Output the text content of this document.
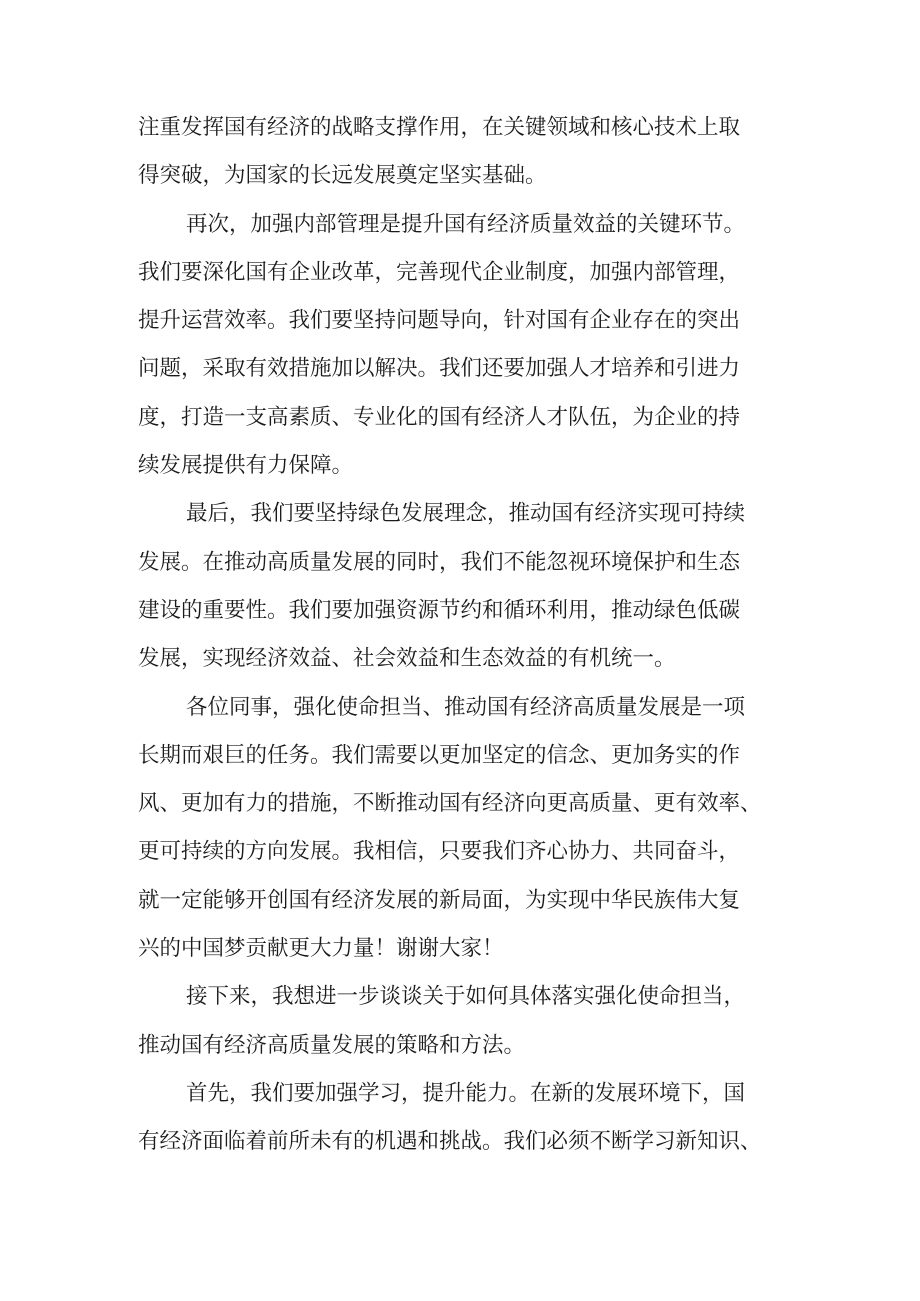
注重发挥国有经济的战略支撑作用，在关键领域和核心技术上取
得突破，为国家的长远发展奠定坚实基础。
再次，加强内部管理是提升国有经济质量效益的关键环节。
我们要深化国有企业改革，完善现代企业制度，加强内部管理，
提升运营效率。我们要坚持问题导向，针对国有企业存在的突出
问题，采取有效措施加以解决。我们还要加强人才培养和引进力
度，打造一支高素质、专业化的国有经济人才队伍，为企业的持
续发展提供有力保障。
最后，我们要坚持绿色发展理念，推动国有经济实现可持续
发展。在推动高质量发展的同时，我们不能忽视环境保护和生态
建设的重要性。我们要加强资源节约和循环利用，推动绿色低碳
发展，实现经济效益、社会效益和生态效益的有机统一。
各位同事，强化使命担当、推动国有经济高质量发展是一项
长期而艰巨的任务。我们需要以更加坚定的信念、更加务实的作
风、更加有力的措施，不断推动国有经济向更高质量、更有效率、
更可持续的方向发展。我相信，只要我们齐心协力、共同奋斗，
就一定能够开创国有经济发展的新局面，为实现中华民族伟大复
兴的中国梦贡献更大力量！谢谢大家！
接下来，我想进一步谈谈关于如何具体落实强化使命担当，
推动国有经济高质量发展的策略和方法。
首先，我们要加强学习，提升能力。在新的发展环境下，国
有经济面临着前所未有的机遇和挑战。我们必须不断学习新知识、
